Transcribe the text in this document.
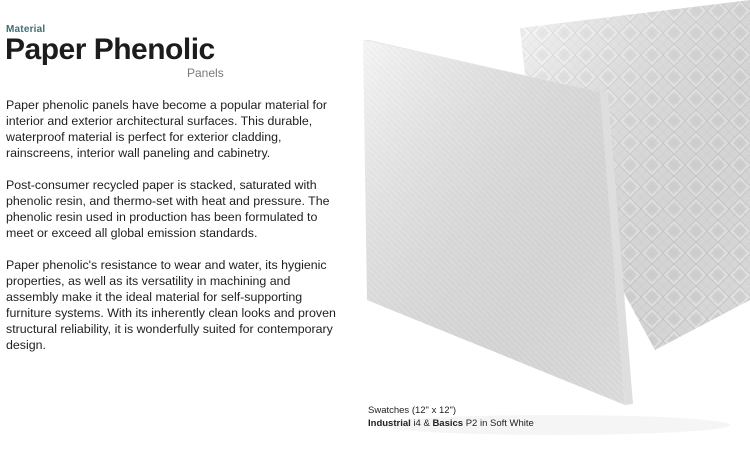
Material
Paper Phenolic
Panels

Paper phenolic panels have become a popular material for interior and exterior architectural surfaces. This durable, waterproof material is perfect for exterior cladding, rainscreens, interior wall paneling and cabinetry.

Post-consumer recycled paper is stacked, saturated with phenolic resin, and thermo-set with heat and pressure. The phenolic resin used in production has been formulated to meet or exceed all global emission standards.

Paper phenolic's resistance to wear and water, its hygienic properties, as well as its versatility in machining and assembly make it the ideal material for self-supporting furniture systems. With its inherently clean looks and proven structural reliability, it is wonderfully suited for contemporary design.

Swatches (12" x 12")
Industrial i4 & Basics P2 in Soft White
